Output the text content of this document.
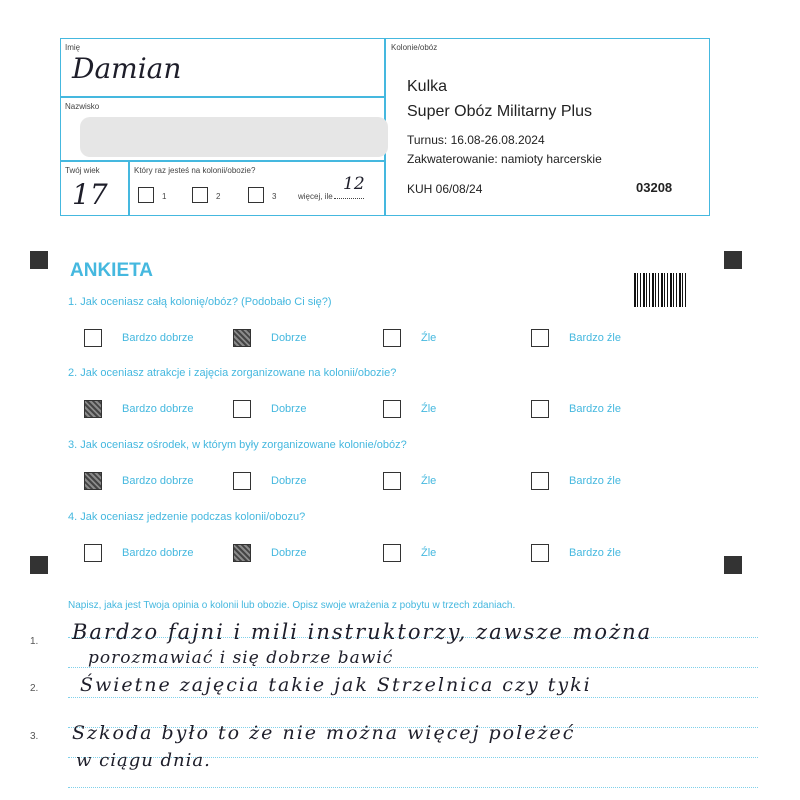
Imię
Damian
Nazwisko
Twój wiek
17
Który raz jesteś na kolonii/obozie?
1	2	3	więcej, ile
12
Kolonie/obóz
Kulka
Super Obóz Militarny Plus
Turnus: 16.08-26.08.2024
Zakwaterowanie: namioty harcerskie
KUH 06/08/24	03208
ANKIETA
1. Jak oceniasz całą kolonię/obóz? (Podobało Ci się?)
Bardzo dobrze	Dobrze	Źle	Bardzo źle
2. Jak oceniasz atrakcje i zajęcia zorganizowane na kolonii/obozie?
Bardzo dobrze	Dobrze	Źle	Bardzo źle
3. Jak oceniasz ośrodek, w którym były zorganizowane kolonie/obóz?
Bardzo dobrze	Dobrze	Źle	Bardzo źle
4. Jak oceniasz jedzenie podczas kolonii/obozu?
Bardzo dobrze	Dobrze	Źle	Bardzo źle
Napisz, jaka jest Twoja opinia o kolonii lub obozie. Opisz swoje wrażenia z pobytu w trzech zdaniach.
1.
2.
3.
Bardzo fajni i mili instruktorzy, zawsze można
porozmawiać i się dobrze bawić
Świetne zajęcia takie jak Strzelnica czy tyki
Szkoda było to że nie można więcej poleżeć
w ciągu dnia.
